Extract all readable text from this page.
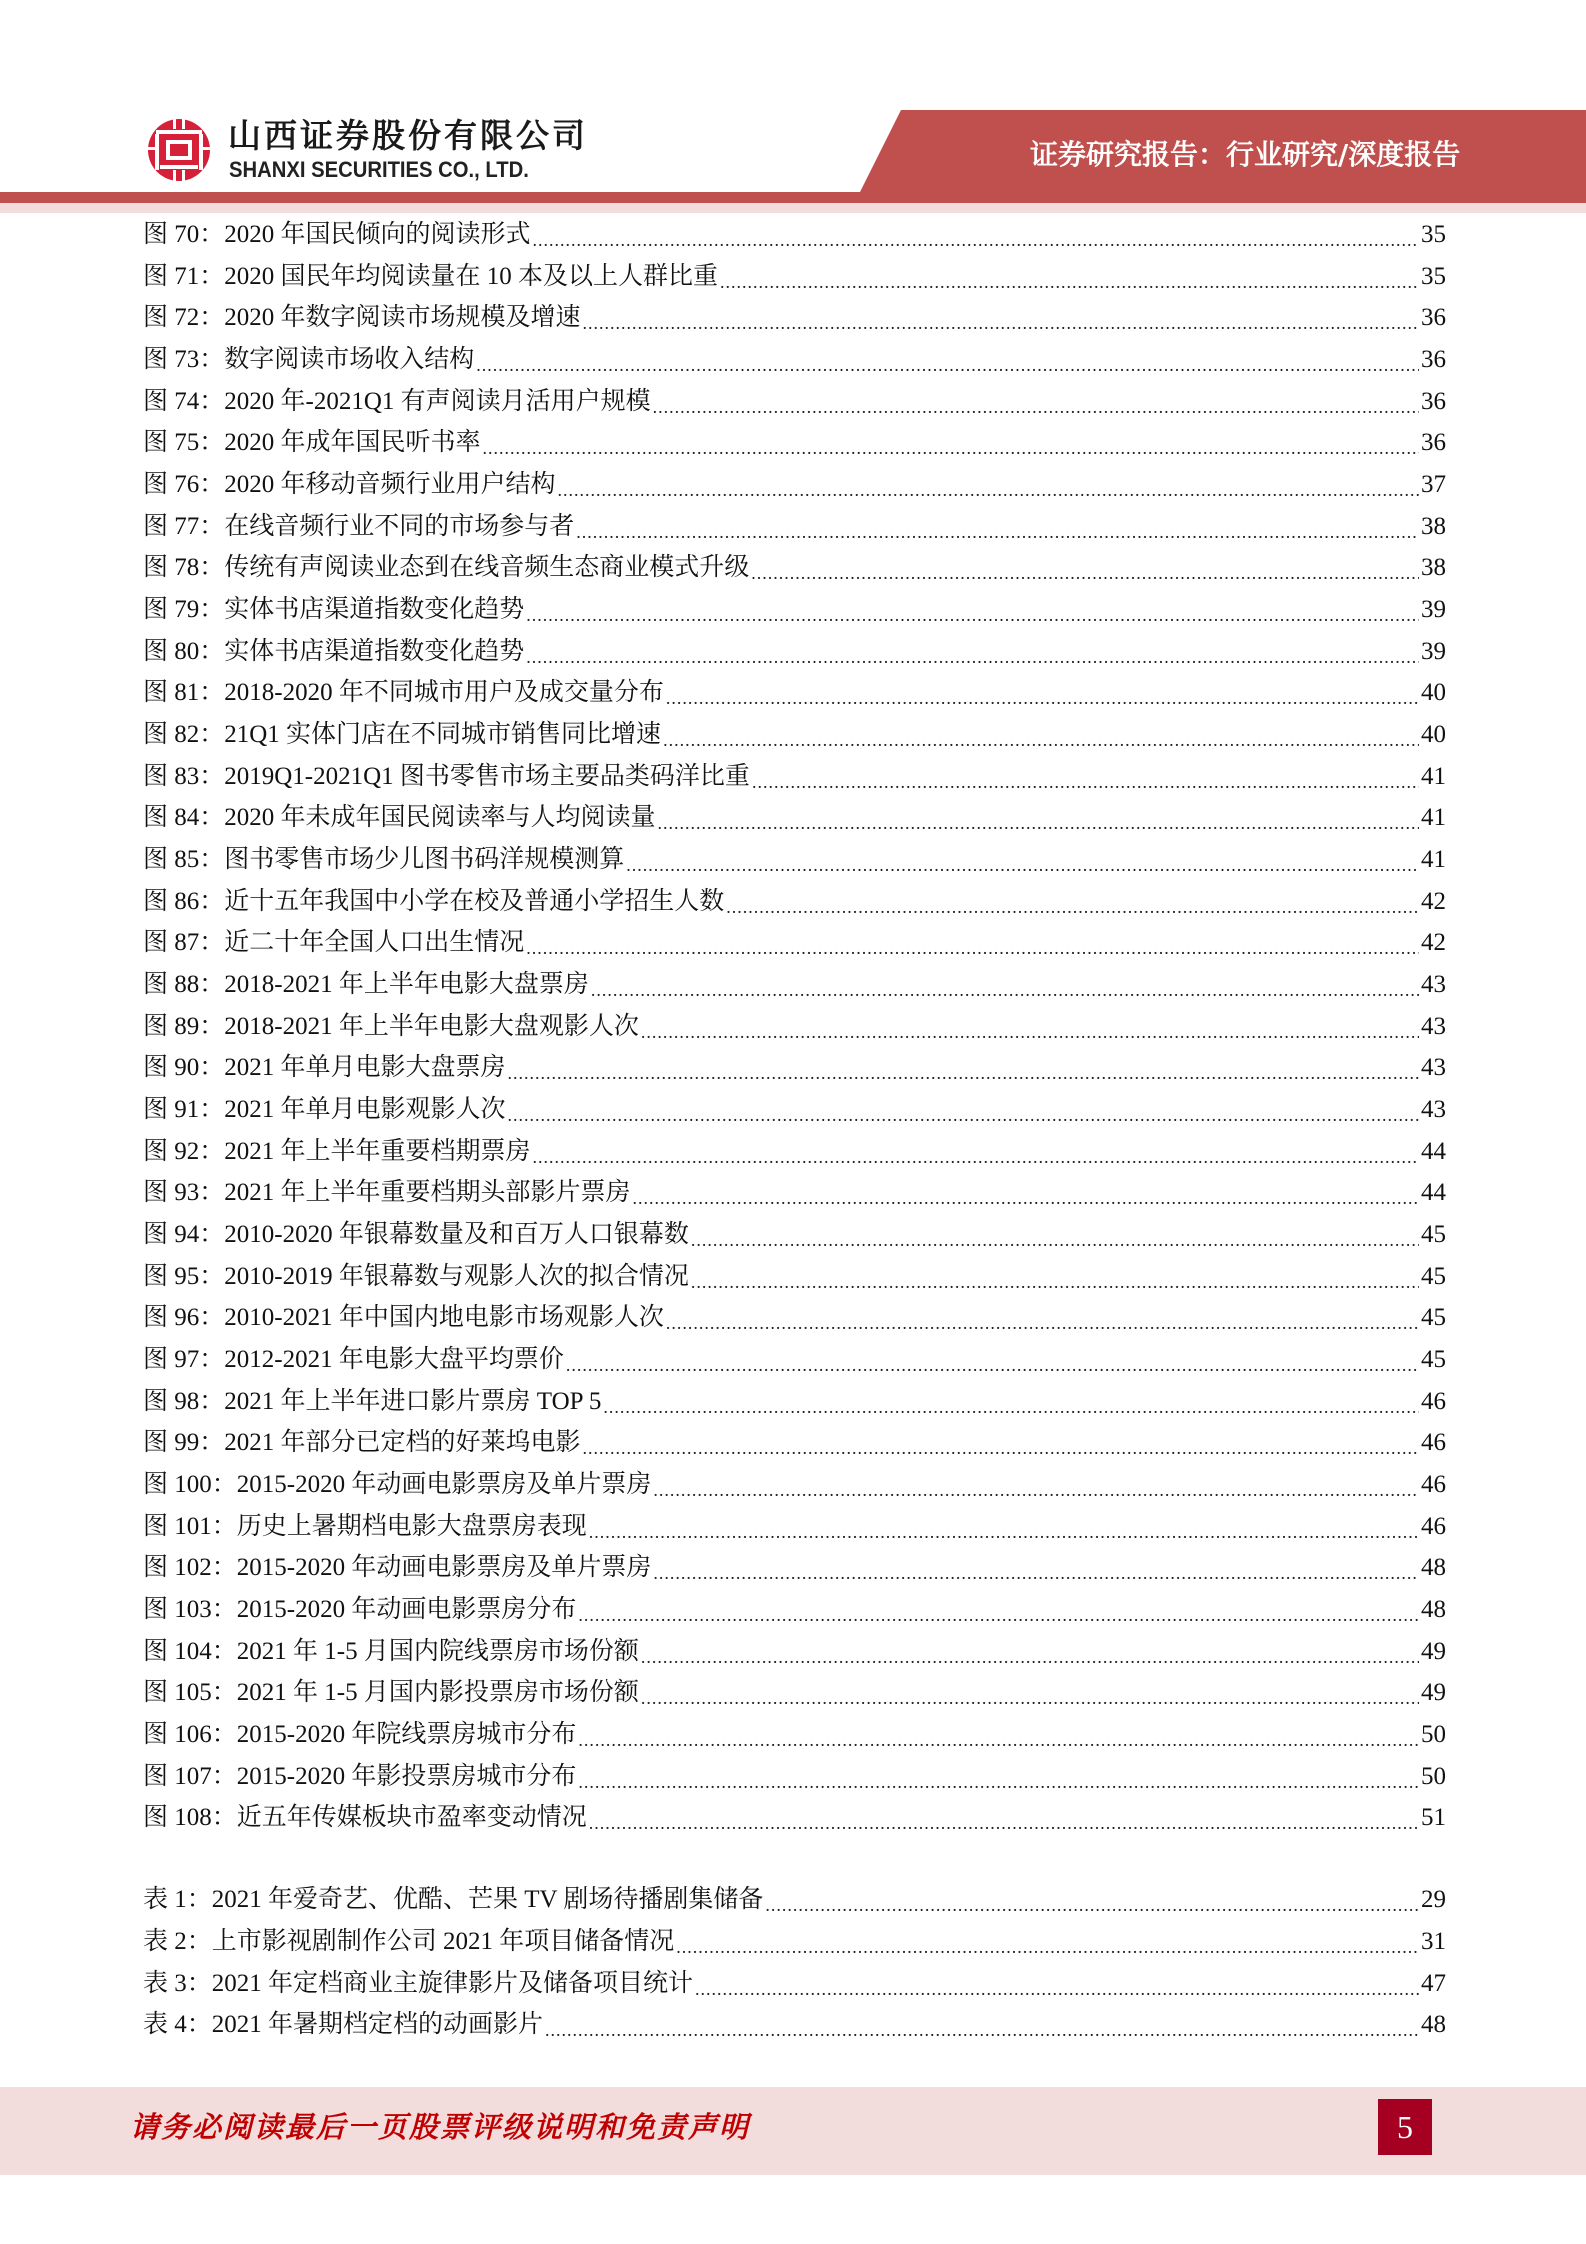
山西证券股份有限公司
SHANXI SECURITIES CO., LTD.	证券研究报告：行业研究/深度报告
图 70：2020 年国民倾向的阅读形式 .....	35
图 71：2020 国民年均阅读量在 10 本及以上人群比重 .....	35
图 72：2020 年数字阅读市场规模及增速 .....	36
图 73：数字阅读市场收入结构 .....	36
图 74：2020 年-2021Q1 有声阅读月活用户规模 .....	36
图 75：2020 年成年国民听书率 .....	36
图 76：2020 年移动音频行业用户结构 .....	37
图 77：在线音频行业不同的市场参与者 .....	38
图 78：传统有声阅读业态到在线音频生态商业模式升级 .....	38
图 79：实体书店渠道指数变化趋势 .....	39
图 80：实体书店渠道指数变化趋势 .....	39
图 81：2018-2020 年不同城市用户及成交量分布 .....	40
图 82：21Q1 实体门店在不同城市销售同比增速 .....	40
图 83：2019Q1-2021Q1 图书零售市场主要品类码洋比重 .....	41
图 84：2020 年未成年国民阅读率与人均阅读量 .....	41
图 85：图书零售市场少儿图书码洋规模测算 .....	41
图 86：近十五年我国中小学在校及普通小学招生人数 .....	42
图 87：近二十年全国人口出生情况 .....	42
图 88：2018-2021 年上半年电影大盘票房 .....	43
图 89：2018-2021 年上半年电影大盘观影人次 .....	43
图 90：2021 年单月电影大盘票房 .....	43
图 91：2021 年单月电影观影人次 .....	43
图 92：2021 年上半年重要档期票房 .....	44
图 93：2021 年上半年重要档期头部影片票房 .....	44
图 94：2010-2020 年银幕数量及和百万人口银幕数 .....	45
图 95：2010-2019 年银幕数与观影人次的拟合情况 .....	45
图 96：2010-2021 年中国内地电影市场观影人次 .....	45
图 97：2012-2021 年电影大盘平均票价 .....	45
图 98：2021 年上半年进口影片票房 TOP 5 .....	46
图 99：2021 年部分已定档的好莱坞电影 .....	46
图 100：2015-2020 年动画电影票房及单片票房 .....	46
图 101：历史上暑期档电影大盘票房表现 .....	46
图 102：2015-2020 年动画电影票房及单片票房 .....	48
图 103：2015-2020 年动画电影票房分布 .....	48
图 104：2021 年 1-5 月国内院线票房市场份额 .....	49
图 105：2021 年 1-5 月国内影投票房市场份额 .....	49
图 106：2015-2020 年院线票房城市分布 .....	50
图 107：2015-2020 年影投票房城市分布 .....	50
图 108：近五年传媒板块市盈率变动情况 .....	51
表 1：2021 年爱奇艺、优酷、芒果 TV 剧场待播剧集储备 .....	29
表 2：上市影视剧制作公司 2021 年项目储备情况 .....	31
表 3：2021 年定档商业主旋律影片及储备项目统计 .....	47
表 4：2021 年暑期档定档的动画影片 .....	48
请务必阅读最后一页股票评级说明和免责声明	5
